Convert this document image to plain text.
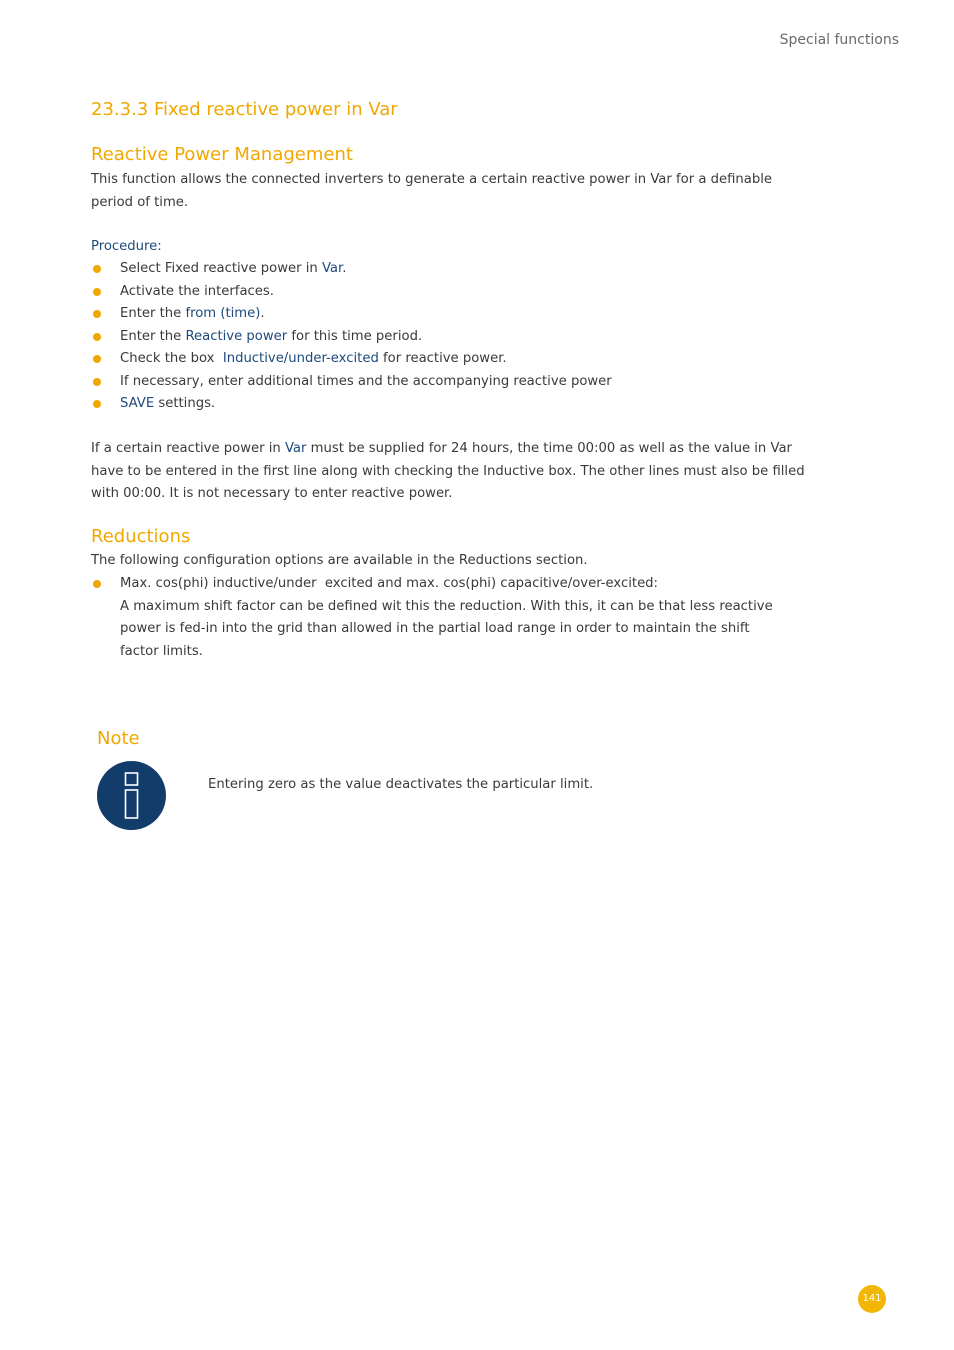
Special functions
23.3.3 Fixed reactive power in Var
Reactive Power Management
This function allows the connected inverters to generate a certain reactive power in Var for a definable
period of time.
Procedure:
Select Fixed reactive power in Var.
Activate the interfaces.
Enter the from (time).
Enter the Reactive power for this time period.
Check the box  Inductive/under-excited for reactive power.
If necessary, enter additional times and the accompanying reactive power
SAVE settings.
If a certain reactive power in Var must be supplied for 24 hours, the time 00:00 as well as the value in Var
have to be entered in the first line along with checking the Inductive box. The other lines must also be filled
with 00:00. It is not necessary to enter reactive power.
Reductions
The following configuration options are available in the Reductions section.
Max. cos(phi) inductive/under  excited and max. cos(phi) capacitive/over-excited:
A maximum shift factor can be defined wit this the reduction. With this, it can be that less reactive
power is fed-in into the grid than allowed in the partial load range in order to maintain the shift
factor limits.
Note
Entering zero as the value deactivates the particular limit.
141
